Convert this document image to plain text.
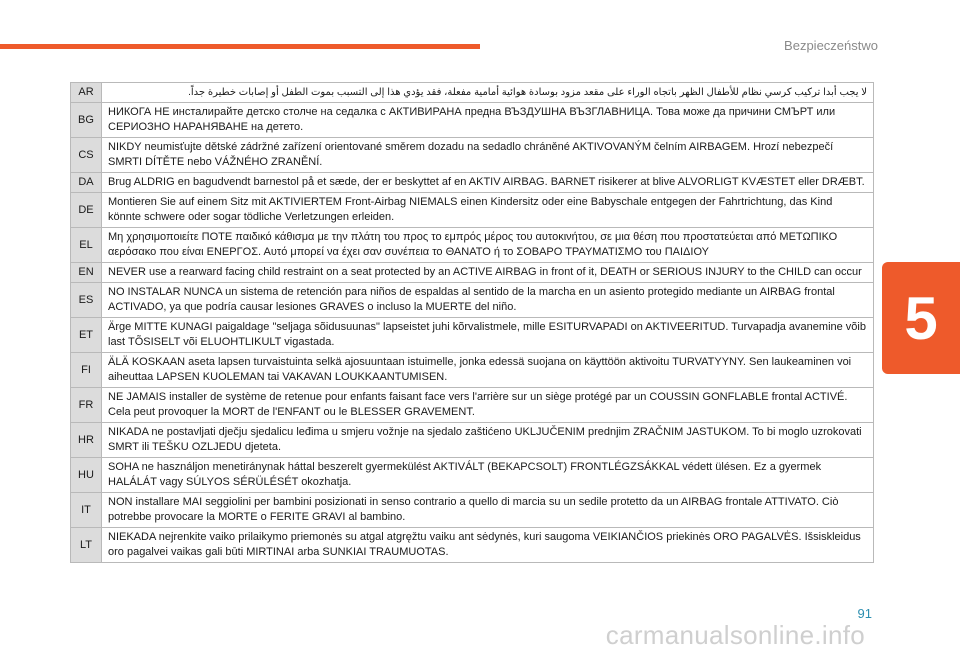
Bezpieczeństwo
AR	لا يجب أبدا تركيب كرسي نظام للأطفال الظهر باتجاه الوراء على مقعد مزود بوسادة هوائية أمامية مفعلة، فقد يؤدي هذا إلى التسبب بموت الطفل أو إصابات خطيرة جداً.
BG	НИКОГА НЕ инсталирайте детско столче на седалка с АКТИВИРАНА предна ВЪЗДУШНА ВЪЗГЛАВНИЦА. Това може да причини СМЪРТ или СЕРИОЗНО НАРАНЯВАНЕ на детето.
CS	NIKDY neumisťujte dětské zádržné zařízení orientované směrem dozadu na sedadlo chráněné AKTIVOVANÝM čelním AIRBAGEM. Hrozí nebezpečí SMRTI DÍTĚTE nebo VÁŽNÉHO ZRANĚNÍ.
DA	Brug ALDRIG en bagudvendt barnestol på et sæde, der er beskyttet af en AKTIV AIRBAG. BARNET risikerer at blive ALVORLIGT KVÆSTET eller DRÆBT.
DE	Montieren Sie auf einem Sitz mit AKTIVIERTEM Front-Airbag NIEMALS einen Kindersitz oder eine Babyschale entgegen der Fahrtrichtung, das Kind könnte schwere oder sogar tödliche Verletzungen erleiden.
EL	Μη χρησιμοποιείτε ΠΟΤΕ παιδικό κάθισμα με την πλάτη του προς το εμπρός μέρος του αυτοκινήτου, σε μια θέση που προστατεύεται από ΜΕΤΩΠΙΚΟ αερόσακο που είναι ΕΝΕΡΓΟΣ. Αυτό μπορεί να έχει σαν συνέπεια το ΘΑΝΑΤΟ ή το ΣΟΒΑΡΟ ΤΡΑΥΜΑΤΙΣΜΟ του ΠΑΙΔΙΟΥ
EN	NEVER use a rearward facing child restraint on a seat protected by an ACTIVE AIRBAG in front of it, DEATH or SERIOUS INJURY to the CHILD can occur
ES	NO INSTALAR NUNCA un sistema de retención para niños de espaldas al sentido de la marcha en un asiento protegido mediante un AIRBAG frontal ACTIVADO, ya que podría causar lesiones GRAVES o incluso la MUERTE del niño.
ET	Ärge MITTE KUNAGI paigaldage "seljaga sõidusuunas" lapseistet juhi kõrvalistmele, mille ESITURVAPADI on AKTIVEERITUD. Turvapadja avanemine võib last TÕSISELT või ELUOHTLIKULT vigastada.
FI	ÄLÄ KOSKAAN aseta lapsen turvaistuinta selkä ajosuuntaan istuimelle, jonka edessä suojana on käyttöön aktivoitu TURVATYYNY. Sen laukeaminen voi aiheuttaa LAPSEN KUOLEMAN tai VAKAVAN LOUKKAANTUMISEN.
FR	NE JAMAIS installer de système de retenue pour enfants faisant face vers l'arrière sur un siège protégé par un COUSSIN GONFLABLE frontal ACTIVÉ. Cela peut provoquer la MORT de l'ENFANT ou le BLESSER GRAVEMENT.
HR	NIKADA ne postavljati dječju sjedalicu leđima u smjeru vožnje na sjedalo zaštićeno UKLJUČENIM prednjim ZRAČNIM JASTUKOM. To bi moglo uzrokovati SMRT ili TEŠKU OZLJEDU djeteta.
HU	SOHA ne használjon menetiránynak háttal beszerelt gyermekülést AKTIVÁLT (BEKAPCSOLT) FRONTLÉGZSÁKKAL védett ülésen. Ez a gyermek HALÁLÁT vagy SÚLYOS SÉRÜLÉSÉT okozhatja.
IT	NON installare MAI seggiolini per bambini posizionati in senso contrario a quello di marcia su un sedile protetto da un AIRBAG frontale ATTIVATO. Ciò potrebbe provocare la MORTE o FERITE GRAVI al bambino.
LT	NIEKADA nejrenkite vaiko prilaikymo priemonės su atgal atgręžtu vaiku ant sėdynės, kuri saugoma VEIKIANČIOS priekinės ORO PAGALVĖS. Išsiskleidus oro pagalvei vaikas gali būti MIRTINAI arba SUNKIAI TRAUMUOTAS.
5
91
carmanualsonline.info
